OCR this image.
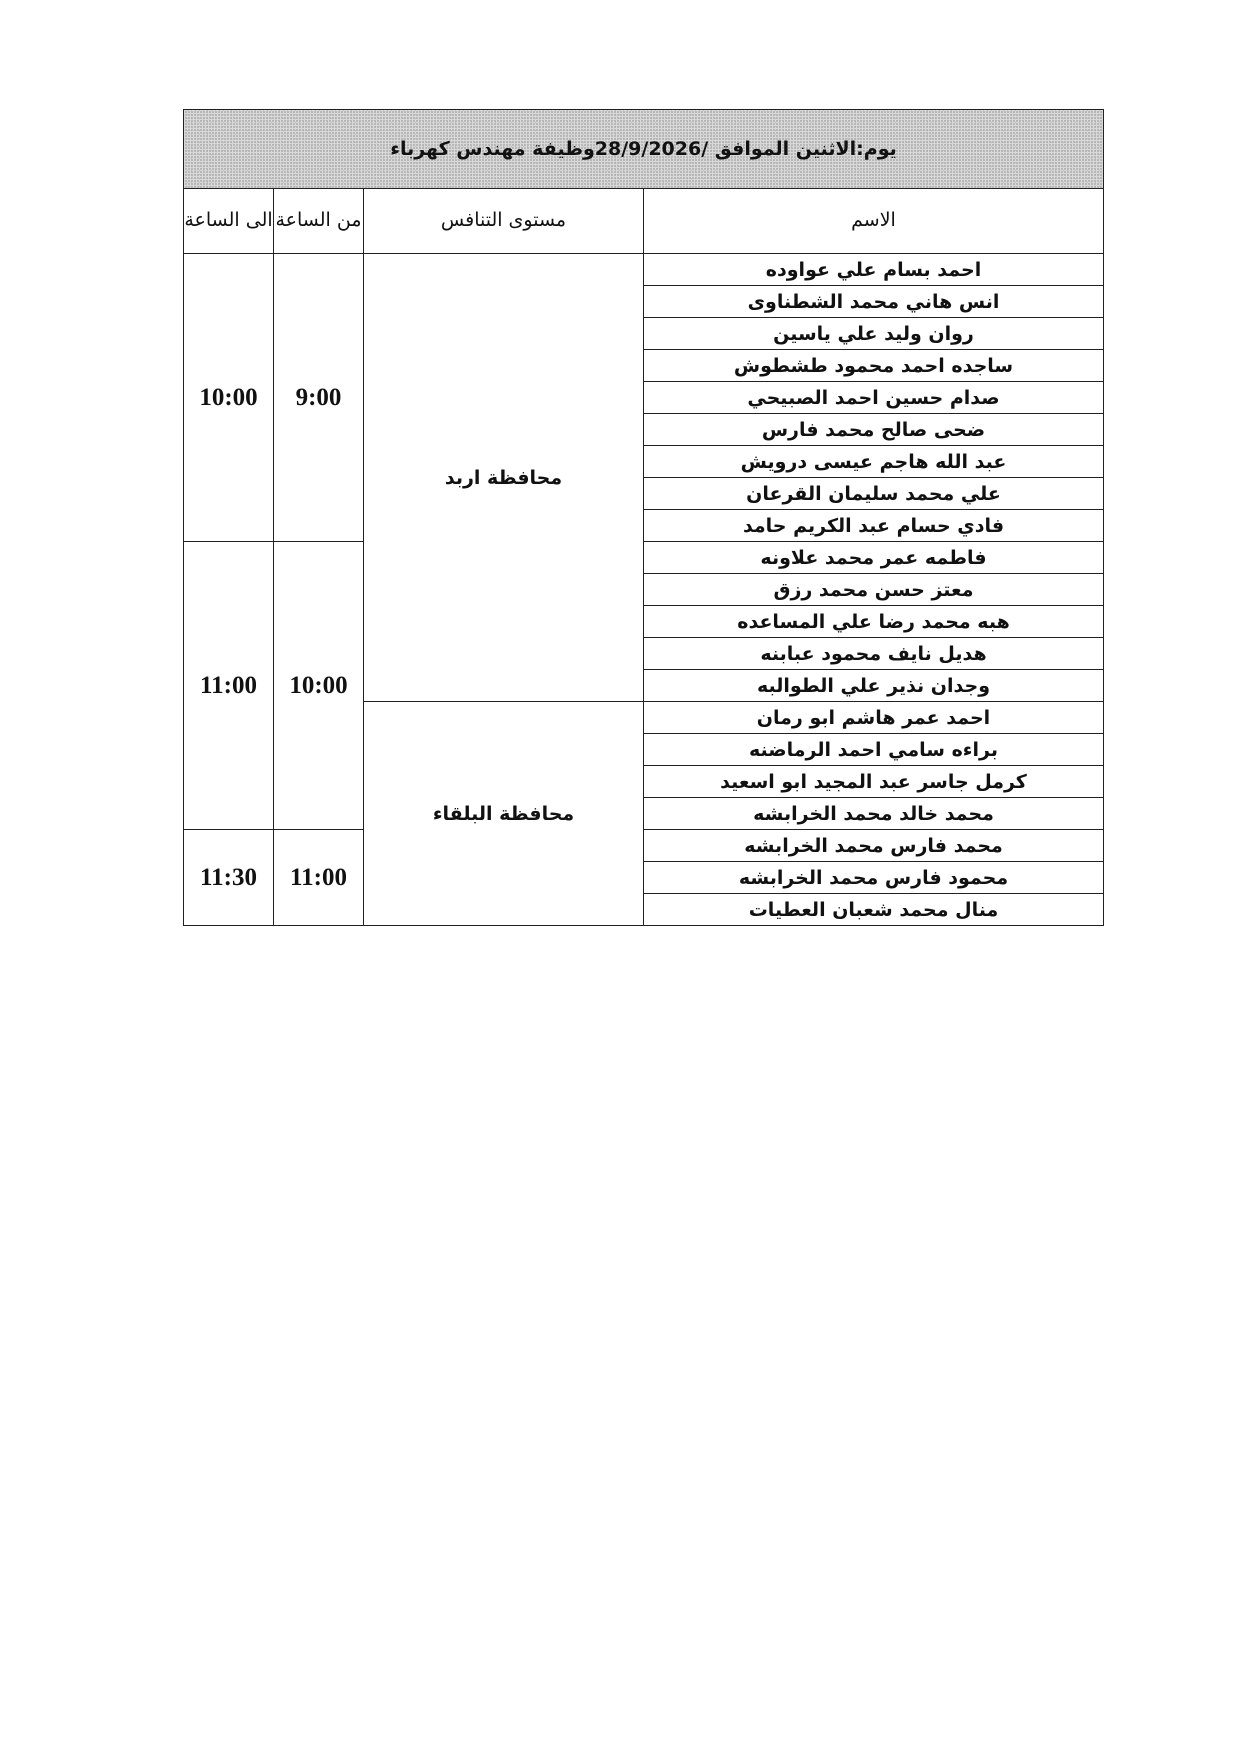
يوم:الاثنين الموافق /28/9/2026وظيفة مهندس كهرباء			
الى الساعة	من الساعة	مستوى التنافس	الاسم
10:00	9:00	محافظة اربد	احمد بسام علي عواوده
			انس هاني محمد الشطناوى
			روان وليد علي ياسين
			ساجده احمد محمود طشطوش
			صدام حسين احمد الصبيحي
			ضحى صالح محمد فارس
			عبد الله هاجم عيسى درويش
			علي محمد سليمان القرعان
			فادي حسام عبد الكريم حامد
11:00	10:00		فاطمه عمر محمد علاونه
			معتز حسن محمد رزق
			هبه محمد رضا علي المساعده
			هديل نايف محمود عبابنه
			وجدان نذير علي الطوالبه
		محافظة البلقاء	احمد عمر هاشم ابو رمان
			براءه سامي احمد الرماضنه
			كرمل جاسر عبد المجيد ابو اسعيد
			محمد خالد محمد الخرابشه
11:30	11:00		محمد فارس محمد الخرابشه
			محمود فارس محمد الخرابشه
			منال محمد شعبان العطيات
